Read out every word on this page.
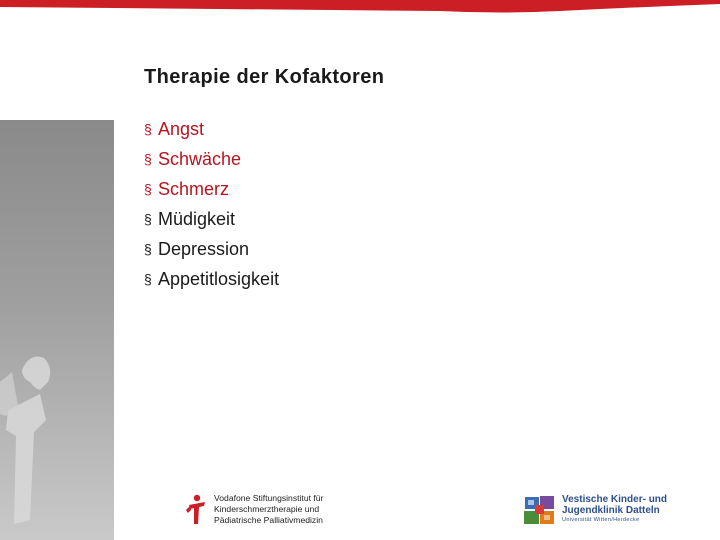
Therapie der Kofaktoren
§ Angst
§ Schwäche
§ Schmerz
§ Müdigkeit
§ Depression
§ Appetitlosigkeit
Vodafone Stiftungsinstitut für
Kinderschmerztherapie und
Pädiatrische Palliativmedizin
Vestische Kinder- und
Jugendklinik Datteln
Universität Witten/Herdecke
